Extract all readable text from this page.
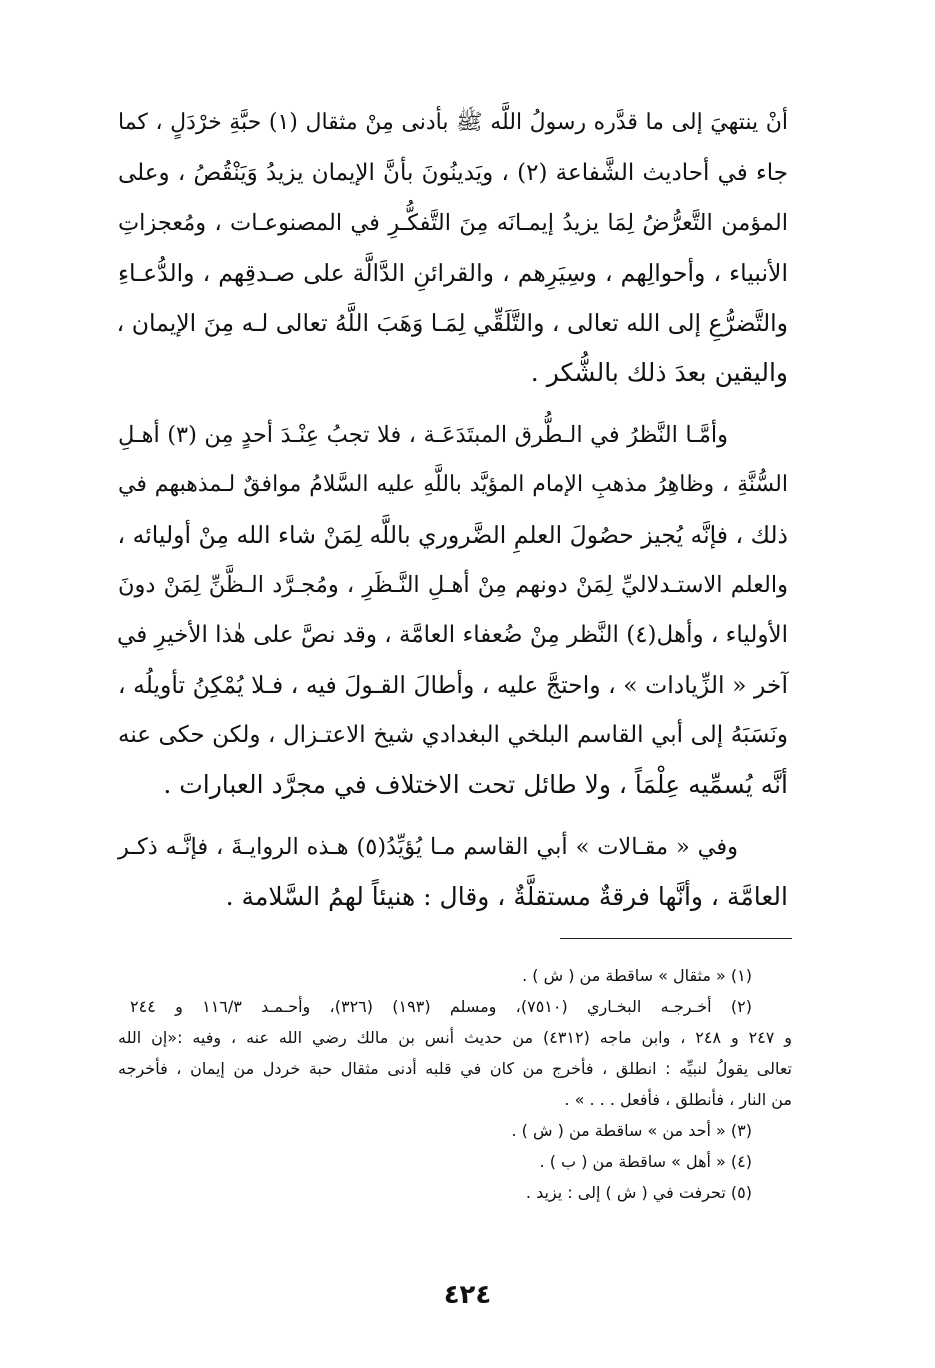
أنْ ينتهيَ إلى ما قدَّره رسولُ اللَّه ﷺ بأدنى مِنْ مثقال (١) حبَّةِ خرْدَلٍ ، كما
جاء في أحاديث الشَّفاعة (٢) ، ويَدينُونَ بأنَّ الإيمان يزيدُ وَيَنْقُصُ ، وعلى
المؤمن التَّعرُّضُ لِمَا يزيدُ إيمـانَه مِنَ التَّفكُّـرِ في المصنوعـات ، ومُعجزاتِ
الأنبياء ، وأحوالِهم ، وسِيَرِهم ، والقرائنِ الدَّالَّة على صـدقِهم ، والدُّعـاءِ
والتَّضرُّعِ إلى الله تعالى ، والتَّلَقِّي لِمَـا وَهَبَ اللَّهُ تعالى لـه مِنَ الإيمان ،
واليقين بعدَ ذلك بالشُّكر .
وأمَّـا النَّظرُ في الـطُّرق المبتَدَعَـة ، فلا تجبُ عِنْـدَ أحدٍ مِن (٣) أهـلِ
السُّنَّةِ ، وظاهِرُ مذهبِ الإمام المؤيَّد باللَّهِ عليه السَّلامُ موافقٌ لـمذهبهم في
ذلك ، فإنَّه يُجيز حصُولَ العلمِ الضَّروري باللَّه لِمَنْ شاء الله مِنْ أوليائه ،
والعلم الاستـدلاليِّ لِمَنْ دونهم مِنْ أهـلِ النَّـظَرِ ، ومُجـرَّد الـظَّنِّ لِمَنْ دونَ
الأولياء ، وأهل(٤) النَّظر مِنْ ضُعفاء العامَّة ، وقد نصَّ على هٰذا الأخيرِ في
آخر « الزِّيادات » ، واحتجَّ عليه ، وأطالَ القـولَ فيه ، فـلا يُمْكِنُ تأويلُه ،
ونَسَبَهُ إلى أبي القاسم البلخي البغدادي شيخ الاعتـزال ، ولكن حكى عنه
أنَّه يُسمِّيه عِلْمَاً ، ولا طائل تحت الاختلاف في مجرَّد العبارات .
وفي « مقـالات » أبي القاسم مـا يُؤيِّدُ(٥) هـذه الروايـةَ ، فإنَّـه ذكـر
العامَّة ، وأنَّها فرقةٌ مستقلَّةٌ ، وقال : هنيئاً لهمُ السَّلامة .
(١) « مثقال » ساقطة من ( ش ) .
(٢) أخـرجـه البخـاري (٧٥١٠)، ومسلم (١٩٣) (٣٢٦)، وأحـمـد ١١٦/٣ و ٢٤٤
و ٢٤٧ و ٢٤٨ ، وابن ماجه (٤٣١٢) من حديث أنس بن مالك رضي الله عنه ، وفيه :«إن الله
تعالى يقولُ لنبيِّه : انطلق ، فأخرج من كان في قلبه أدنى مثقال حبة خردل من إيمان ، فأخرجه
من النار ، فأنطلق ، فأفعل . . . » .
(٣) « أحد من » ساقطة من ( ش ) .
(٤) « أهل » ساقطة من ( ب ) .
(٥) تحرفت في ( ش ) إلى : يزيد .
٤٢٤
